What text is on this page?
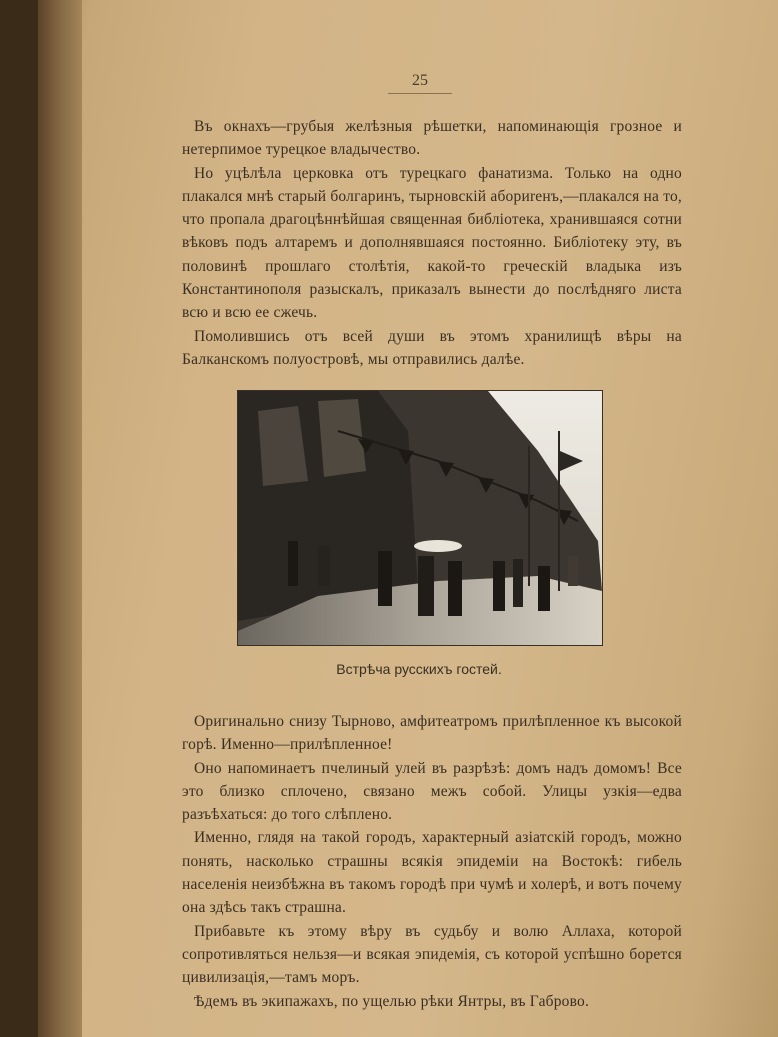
25

Въ окнахъ—грубыя желѣзныя рѣшетки, напоминающія грозное и нетерпимое турецкое владычество.

Но уцѣлѣла церковка отъ турецкаго фанатизма. Только на одно плакался мнѣ старый болгаринъ, тырновскій абориrенъ,—плакался на то, что пропала драгоцѣннѣйшая священная библіотека, хранившаяся сотни вѣковъ подъ алтаремъ и дополнявшаяся постоянно. Библіотеку эту, въ половинѣ прошлаго столѣтія, какой-то греческій владыка изъ Константинополя разыскалъ, приказалъ вынести до послѣдняго листа всю и всю ее сжечь.

Помолившись отъ всей души въ этомъ хранилищѣ вѣры на Балканскомъ полуостровѣ, мы отправились далѣе.

Встрѣча русскихъ гостей.

Оригинально снизу Тырново, амфитеатромъ прилѣпленное къ высокой горѣ. Именно—прилѣпленное!

Оно напоминаетъ пчелиный улей въ разрѣзѣ: домъ надъ домомъ! Все это близко сплочено, связано межъ собой. Улицы узкія—едва разъѣхаться: до того слѣплено.

Именно, глядя на такой городъ, характерный азіатскій городъ, можно понять, насколько страшны всякія эпидеміи на Востокѣ: гибель населенія неизбѣжна въ такомъ городѣ при чумѣ и холерѣ, и вотъ почему она здѣсь такъ страшна.

Прибавьте къ этому вѣру въ судьбу и волю Аллаха, которой сопротивляться нельзя—и всякая эпидемія, съ которой успѣшно борется цивилизація,—тамъ моръ.

Ѣдемъ въ экипажахъ, по ущелью рѣки Янтры, въ Габрово.
